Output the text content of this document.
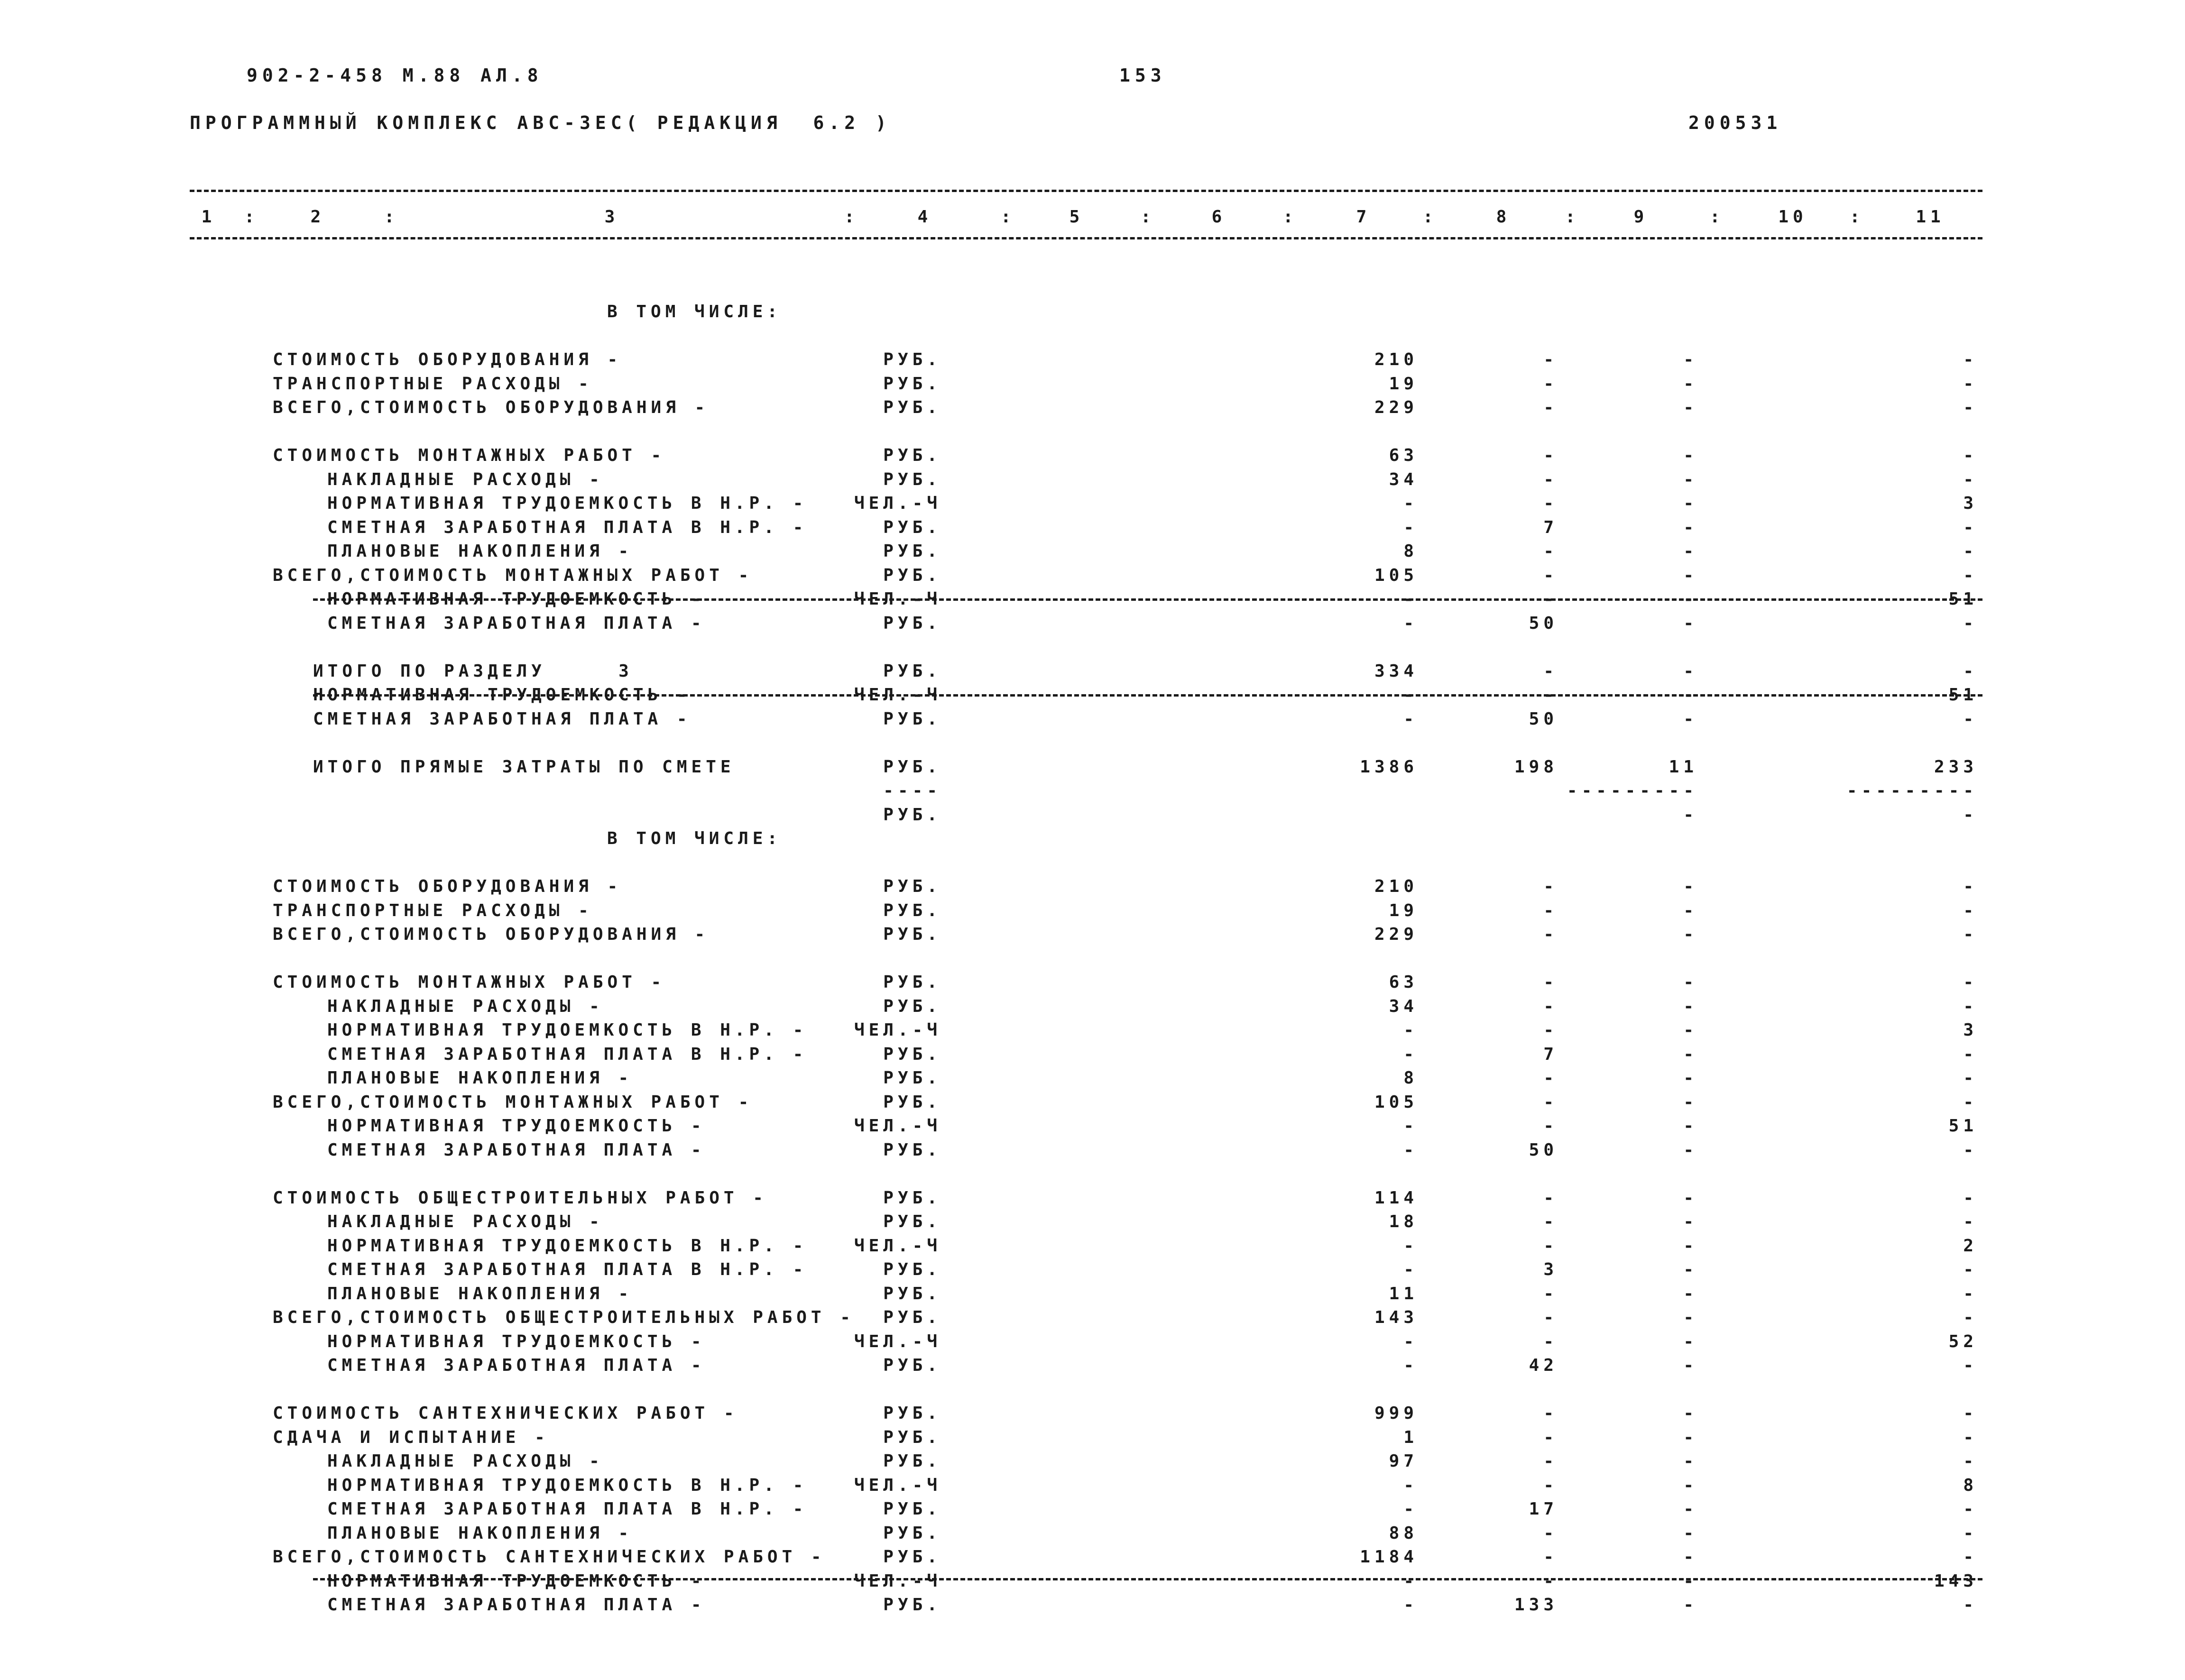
902-2-458 М.88 АЛ.8	153
ПРОГРАММНЫЙ КОМПЛЕКС АВС-3ЕС ( РЕДАКЦИЯ  6.2 )	200531
1 :	2	:	3	:	4	:	5	:	6	:	7	:	8	:	9	:	10 :	11
В ТОМ ЧИСЛЕ:
СТОИМОСТЬ ОБОРУДОВАНИЯ -	РУБ.	210	-	-	-
ТРАНСПОРТНЫЕ РАСХОДЫ -	РУБ.	19	-	-	-
ВСЕГО,СТОИМОСТЬ ОБОРУДОВАНИЯ -	РУБ.	229	-	-	-
СТОИМОСТЬ МОНТАЖНЫХ РАБОТ -	РУБ.	63	-	-	-
НАКЛАДНЫЕ РАСХОДЫ -	РУБ.	34	-	-	-
НОРМАТИВНАЯ ТРУДОЕМКОСТЬ В Н.Р. -	ЧЕЛ.-Ч	-	-	-	3
СМЕТНАЯ ЗАРАБОТНАЯ ПЛАТА В Н.Р. -	РУБ.	-	7	-	-
ПЛАНОВЫЕ НАКОПЛЕНИЯ -	РУБ.	8	-	-	-
ВСЕГО,СТОИМОСТЬ МОНТАЖНЫХ РАБОТ -	РУБ.	105	-	-	-
НОРМАТИВНАЯ ТРУДОЕМКОСТЬ -	ЧЕЛ.-Ч	-	-	-	51
СМЕТНАЯ ЗАРАБОТНАЯ ПЛАТА -	РУБ.	-	50	-	-
ИТОГО ПО РАЗДЕЛУ     3	РУБ.	334	-	-	-
НОРМАТИВНАЯ ТРУДОЕМКОСТЬ -	ЧЕЛ.-Ч	-	-	-	51
СМЕТНАЯ ЗАРАБОТНАЯ ПЛАТА -	РУБ.	-	50	-	-
ИТОГО ПРЯМЫЕ ЗАТРАТЫ ПО СМЕТЕ	РУБ.	1386	198	11	233
----	---------	---------
РУБ.	-	-
В ТОМ ЧИСЛЕ:
СТОИМОСТЬ ОБОРУДОВАНИЯ -	РУБ.	210	-	-	-
ТРАНСПОРТНЫЕ РАСХОДЫ -	РУБ.	19	-	-	-
ВСЕГО,СТОИМОСТЬ ОБОРУДОВАНИЯ -	РУБ.	229	-	-	-
СТОИМОСТЬ МОНТАЖНЫХ РАБОТ -	РУБ.	63	-	-	-
НАКЛАДНЫЕ РАСХОДЫ -	РУБ.	34	-	-	-
НОРМАТИВНАЯ ТРУДОЕМКОСТЬ В Н.Р. -	ЧЕЛ.-Ч	-	-	-	3
СМЕТНАЯ ЗАРАБОТНАЯ ПЛАТА В Н.Р. -	РУБ.	-	7	-	-
ПЛАНОВЫЕ НАКОПЛЕНИЯ -	РУБ.	8	-	-	-
ВСЕГО,СТОИМОСТЬ МОНТАЖНЫХ РАБОТ -	РУБ.	105	-	-	-
НОРМАТИВНАЯ ТРУДОЕМКОСТЬ -	ЧЕЛ.-Ч	-	-	-	51
СМЕТНАЯ ЗАРАБОТНАЯ ПЛАТА -	РУБ.	-	50	-	-
СТОИМОСТЬ ОБЩЕСТРОИТЕЛЬНЫХ РАБОТ -	РУБ.	114	-	-	-
НАКЛАДНЫЕ РАСХОДЫ -	РУБ.	18	-	-	-
НОРМАТИВНАЯ ТРУДОЕМКОСТЬ В Н.Р. -	ЧЕЛ.-Ч	-	-	-	2
СМЕТНАЯ ЗАРАБОТНАЯ ПЛАТА В Н.Р. -	РУБ.	-	3	-	-
ПЛАНОВЫЕ НАКОПЛЕНИЯ -	РУБ.	11	-	-	-
ВСЕГО,СТОИМОСТЬ ОБЩЕСТРОИТЕЛЬНЫХ РАБОТ -	РУБ.	143	-	-	-
НОРМАТИВНАЯ ТРУДОЕМКОСТЬ -	ЧЕЛ.-Ч	-	-	-	52
СМЕТНАЯ ЗАРАБОТНАЯ ПЛАТА -	РУБ.	-	42	-	-
СТОИМОСТЬ САНТЕХНИЧЕСКИХ РАБОТ -	РУБ.	999	-	-	-
СДАЧА И ИСПЫТАНИЕ -	РУБ.	1	-	-	-
НАКЛАДНЫЕ РАСХОДЫ -	РУБ.	97	-	-	-
НОРМАТИВНАЯ ТРУДОЕМКОСТЬ В Н.Р. -	ЧЕЛ.-Ч	-	-	-	8
СМЕТНАЯ ЗАРАБОТНАЯ ПЛАТА В Н.Р. -	РУБ.	-	17	-	-
ПЛАНОВЫЕ НАКОПЛЕНИЯ -	РУБ.	88	-	-	-
ВСЕГО,СТОИМОСТЬ САНТЕХНИЧЕСКИХ РАБОТ -	РУБ.	1184	-	-	-
НОРМАТИВНАЯ ТРУДОЕМКОСТЬ -	ЧЕЛ.-Ч	-	-	-	143
СМЕТНАЯ ЗАРАБОТНАЯ ПЛАТА -	РУБ.	-	133	-	-
